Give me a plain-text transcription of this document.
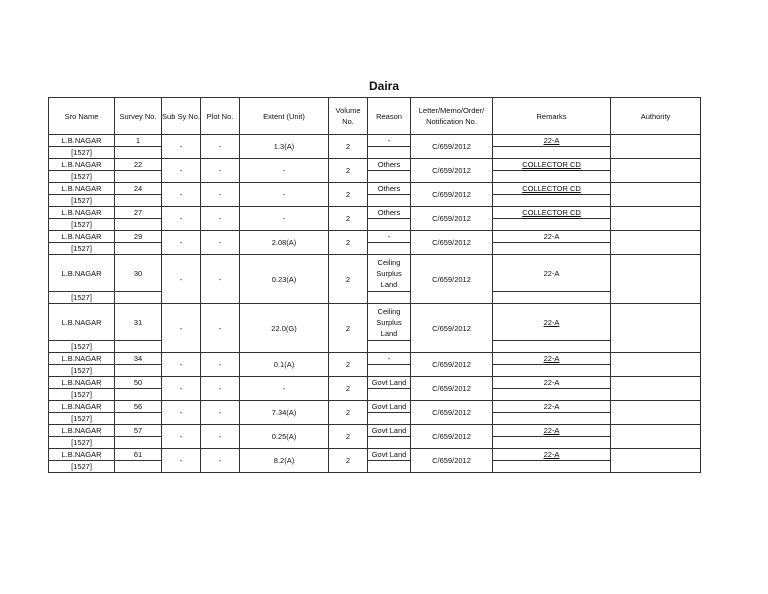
Daira
Sro Name	Survey No.	Sub Sy No.	Plot No.	Extent (Unit)	Volume No.	Reason	Letter/Memo/Order/ Notification No.	Remarks	Authority
L.B.NAGAR	1	-	-	1.3(A)	2	-	C/659/2012	22-A	
[1527]									
L.B.NAGAR	22	-	-	-	2	Others	C/659/2012	COLLECTOR CD	
[1527]									
L.B.NAGAR	24	-	-	-	2	Others	C/659/2012	COLLECTOR CD	
[1527]									
L.B.NAGAR	27	-	-	-	2	Others	C/659/2012	COLLECTOR CD	
[1527]									
L.B.NAGAR	29	-	-	2.08(A)	2	-	C/659/2012	22-A	
[1527]									
L.B.NAGAR	30	-	-	0.23(A)	2	Ceiling Surplus Land	C/659/2012	22-A	
[1527]									
L.B.NAGAR	31	-	-	22.0(G)	2	Ceiling Surplus Land	C/659/2012	22-A	
[1527]									
L.B.NAGAR	34	-	-	0.1(A)	2	-	C/659/2012	22-A	
[1527]									
L.B.NAGAR	50	-	-	-	2	Govt Land	C/659/2012	22-A	
[1527]									
L.B.NAGAR	56	-	-	7.34(A)	2	Govt Land	C/659/2012	22-A	
[1527]									
L.B.NAGAR	57	-	-	0.25(A)	2	Govt Land	C/659/2012	22-A	
[1527]									
L.B.NAGAR	61	-	-	8.2(A)	2	Govt Land	C/659/2012	22-A	
[1527]									
